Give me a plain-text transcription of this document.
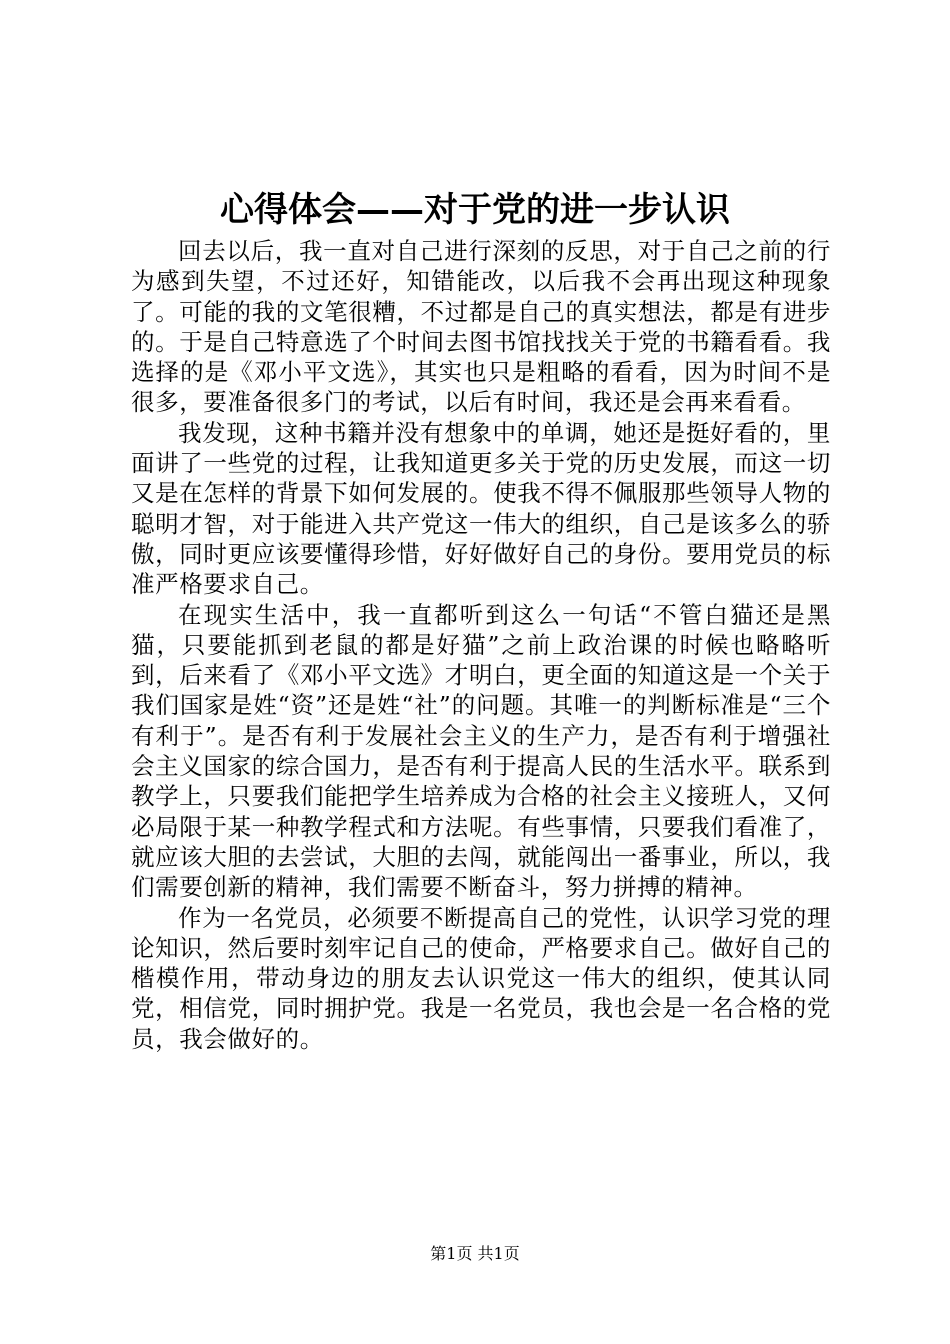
心得体会——对于党的进一步认识

回去以后，我一直对自己进行深刻的反思，对于自己之前的行为感到失望，不过还好，知错能改，以后我不会再出现这种现象了。可能的我的文笔很糟，不过都是自己的真实想法，都是有进步的。于是自己特意选了个时间去图书馆找找关于党的书籍看看。我选择的是《邓小平文选》，其实也只是粗略的看看，因为时间不是很多，要准备很多门的考试，以后有时间，我还是会再来看看。

我发现，这种书籍并没有想象中的单调，她还是挺好看的，里面讲了一些党的过程，让我知道更多关于党的历史发展，而这一切又是在怎样的背景下如何发展的。使我不得不佩服那些领导人物的聪明才智，对于能进入共产党这一伟大的组织，自己是该多么的骄傲，同时更应该要懂得珍惜，好好做好自己的身份。要用党员的标准严格要求自己。

在现实生活中，我一直都听到这么一句话“不管白猫还是黑猫，只要能抓到老鼠的都是好猫”之前上政治课的时候也略略听到，后来看了《邓小平文选》才明白，更全面的知道这是一个关于我们国家是姓“资”还是姓“社”的问题。其唯一的判断标准是“三个有利于”。是否有利于发展社会主义的生产力，是否有利于增强社会主义国家的综合国力，是否有利于提高人民的生活水平。联系到教学上，只要我们能把学生培养成为合格的社会主义接班人，又何必局限于某一种教学程式和方法呢。有些事情，只要我们看准了，就应该大胆的去尝试，大胆的去闯，就能闯出一番事业，所以，我们需要创新的精神，我们需要不断奋斗，努力拼搏的精神。

作为一名党员，必须要不断提高自己的党性，认识学习党的理论知识，然后要时刻牢记自己的使命，严格要求自己。做好自己的楷模作用，带动身边的朋友去认识党这一伟大的组织，使其认同党，相信党，同时拥护党。我是一名党员，我也会是一名合格的党员，我会做好的。

第1页 共1页
